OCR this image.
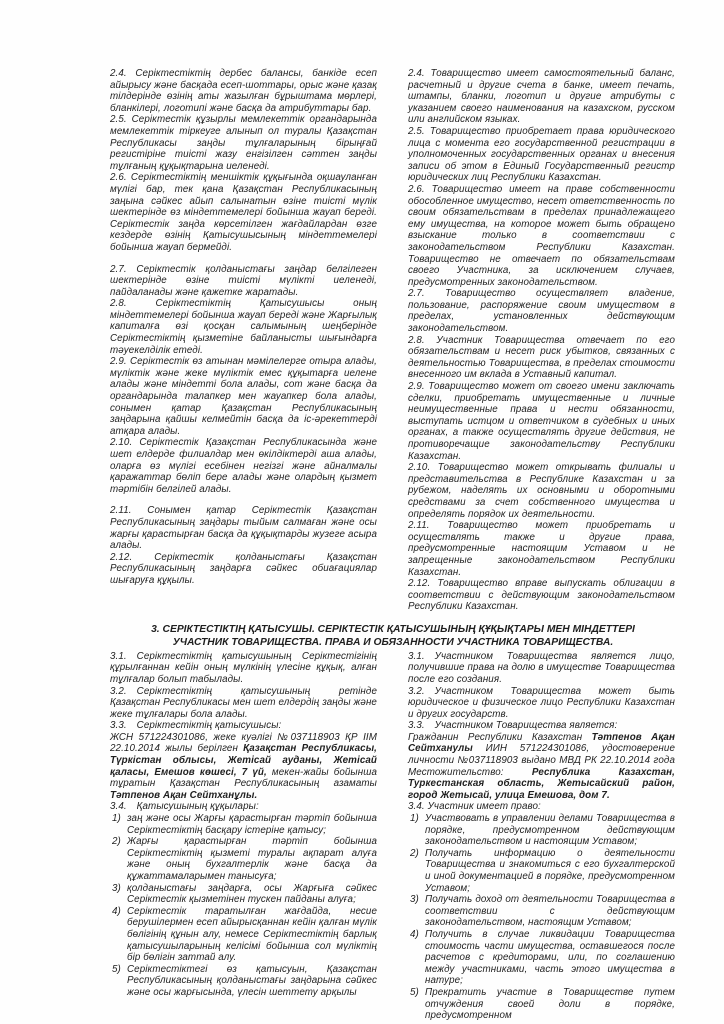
2.4. Серіктестіктің дербес балансы, банкіде есеп айырысу және басқада есеп-шоттары, орыс және қазақ тілдерінде өзінің аты жазылған бұрыштама мөрлері, бланкілері, логотипі және басқа да атрибуттары бар.

2.5. Серіктестік құзырлы мемлекеттік органдарында мемлекеттік тіркеуге алынып ол туралы Қазақстан Республикасы заңды тұлғаларының бірыңғай регистіріне тиісті жазу енгізілген сәттен заңды тұлғаның құқықтарына иеленеді.

2.6. Серіктестіктің меншіктік құқығында оқшауланған мүлігі бар, тек қана Қазақстан Республикасының заңына сәйкес айып салынатын өзіне тиісті мүлік шектерінде өз міндеттемелері бойынша жауап береді. Серіктестік заңда көрсетілген жағдайлардан өзге кездерде өзінің Қатысушысының міндеттемелері бойынша жауап бермейді.

2.7. Серіктестік қолданыстағы заңдар белгілеген шектерінде өзіне тиісті мүлікті иеленеді, пайдаланады және қажетке жаратады.

2.8. Серіктестіктің Қатысушысы оның міндеттемелері бойынша жауап береді және Жарғылық капиталға өзі қосқан салымының шеңберінде Серіктестіктің қызметіне байланысты шығындарға тәуекелділік етеді.

2.9. Серіктестік өз атынан мәмілелерге отыра алады, мүліктік және жеке мүліктік емес құқытарға иелене алады және міндетті бола алады, сот және басқа да органдарында талапкер мен жауапкер бола алады, сонымен қатар Қазақстан Республикасының заңдарына қайшы келмейтін басқа да іс-әрекеттерді атқара алады.

2.10. Серіктестік Қазақстан Республикасында және шет елдерде филиалдар мен өкілдіктерді аша алады, оларға өз мүлігі есебінен негізгі және айналмалы қаражаттар бөліп бере алады және олардың қызмет тәртібін белгілей алады.

2.11. Сонымен қатар Серіктестік Қазақстан Республикасының заңдары тыйым салмаған және осы жарғы қарастырған басқа да құқықтарды жузеге асыра алады.

2.12. Серіктестік қолданыстағы Қазақстан Республикасының заңдарға сәйкес обиағациялар шығаруға құқылы.

2.4. Товарищество имеет самостоятельный баланс, расчетный и другие счета в банке, имеет печать, штампы, бланки, логотип и другие атрибуты с указанием своего наименования на казахском, русском или английском языках.

2.5. Товарищество приобретает права юридического лица с момента его государственной регистрации в уполномоченных государственных органах и внесения записи об этом в Единый Государственный регистр юридических лиц Республики Казахстан.

2.6. Товарищество имеет на праве собственности обособленное имущество, несет ответственность по своим обязательствам в пределах принадлежащего ему имущества, на которое может быть обращено взыскание только в соответствии с законодательством Республики Казахстан. Товарищество не отвечает по обязательствам своего Участника, за исключением случаев, предусмотренных законодательством.

2.7. Товарищество осуществляет владение, пользование, распоряжение своим имуществом в пределах, установленных действующим законодательством.

2.8. Участник Товарищества отвечает по его обязательствам и несет риск убытков, связанных с деятельностью Товарищества, в пределах стоимости внесенного им вклада в Уставный капитал.

2.9. Товарищество может от своего имени заключать сделки, приобретать имущественные и личные неимущественные права и нести обязанности, выступать истцом и ответчиком в судебных и иных органах, а также осуществлять другие действия, не противоречащие законодательству Республики Казахстан.

2.10. Товарищество может открывать филиалы и представительства в Республике Казахстан и за рубежом, наделять их основными и оборотными средствами за счет собственного имущества и определять порядок их деятельности.

2.11. Товарищество может приобретать и осуществлять также и другие права, предусмотренные настоящим Уставом и не запрещенные законодательством Республики Казахстан.

2.12. Товарищество вправе выпускать облигации в соответствии с действующим законодательством Республики Казахстан.

3. СЕРІКТЕСТІКТІҢ ҚАТЫСУШЫ. СЕРІКТЕСТІК ҚАТЫСУШЫНЫҢ ҚҰҚЫҚТАРЫ МЕН МІНДЕТТЕРІ
УЧАСТНИК ТОВАРИЩЕСТВА. ПРАВА И ОБЯЗАННОСТИ УЧАСТНИКА ТОВАРИЩЕСТВА.

3.1. Серіктестіктің қатысушының Серіктестігінің құрылғаннан кейін оның мүлкінің үлесіне құқық, алған тұлғалар болып табылады.

3.2. Серіктестіктің қатысушының ретінде Қазақстан Республикасы мен шет елдердің заңды және жеке тұлғалары бола алады.

3.3. Серіктестіктің қатысушысы:

ЖСН 571224301086, жеке куәлігі №037118903 ҚР ІІМ 22.10.2014 жылы берілген Қазақстан Республикасы, Түркістан облысы, Жетісай ауданы, Жетісай қаласы, Емешов көшесі, 7 үй, мекен-жайы бойынша тұратын Қазақстан Республикасының азаматы Тәтпенов Ақан Сейтханұлы.

3.4. Қатысушының құқылары:

1) заң және осы Жарғы қарастырған тәртіп бойынша Серіктестіктің басқару істеріне қатысу;
2) Жарғы қарастырған тәртіп бойынша Серіктестіктің қызметі туралы ақпарат алуға және оның бухгалтерлік және басқа да құжаттамаларымен танысуға;
3) қолданыстағы заңдарға, осы Жарғыға сәйкес Серіктестік қызметінен тускен пайданы алуға;
4) Серіктестік таратылған жағдайда, несие берушілермен есеп айырысқаннан кейін қалған мүлік бөлігінің құнын алу, немесе Серіктестіктің барлық қатысушыларының келісімі бойынша сол мүліктің бір бөлігін заттай алу.
5) Серіктестіктегі өз қатысуын, Қазақстан Республикасының қолданыстағы заңдарына сәйкес және осы жарғысында, үлесін шеттету арқылы

3.1. Участником Товарищества является лицо, получившие права на долю в имуществе Товарищества после его создания.

3.2. Участником Товарищества может быть юридическое и физическое лицо Республики Казахстан и других государств.

3.3. Участником Товарищества является:

Гражданин Республики Казахстан Тәтпенов Ақан Сейтханулы ИИН 571224301086, удостоверение личности №037118903 выдано МВД РК 22.10.2014 года Местожительство: Республика Казахстан, Туркестанская область, Жетысайский район, город Жетысай, улица Емешова, дом 7.

3.4. Участник имеет право:

1) Участвовать в управлении делами Товарищества в порядке, предусмотренном действующим законодательством и настоящим Уставом;
2) Получать информацию о деятельности Товарищества и знакомиться с его бухгалтерской и иной документацией в порядке, предусмотренном Уставом;
3) Получать доход от деятельности Товарищества в соответствии с действующим законодательством, настоящим Уставом;
4) Получить в случае ликвидации Товарищества стоимость части имущества, оставшегося после расчетов с кредиторами, или, по соглашению между участниками, часть этого имущества в натуре;
5) Прекратить участие в Товариществе путем отчуждения своей доли в порядке, предусмотренном
